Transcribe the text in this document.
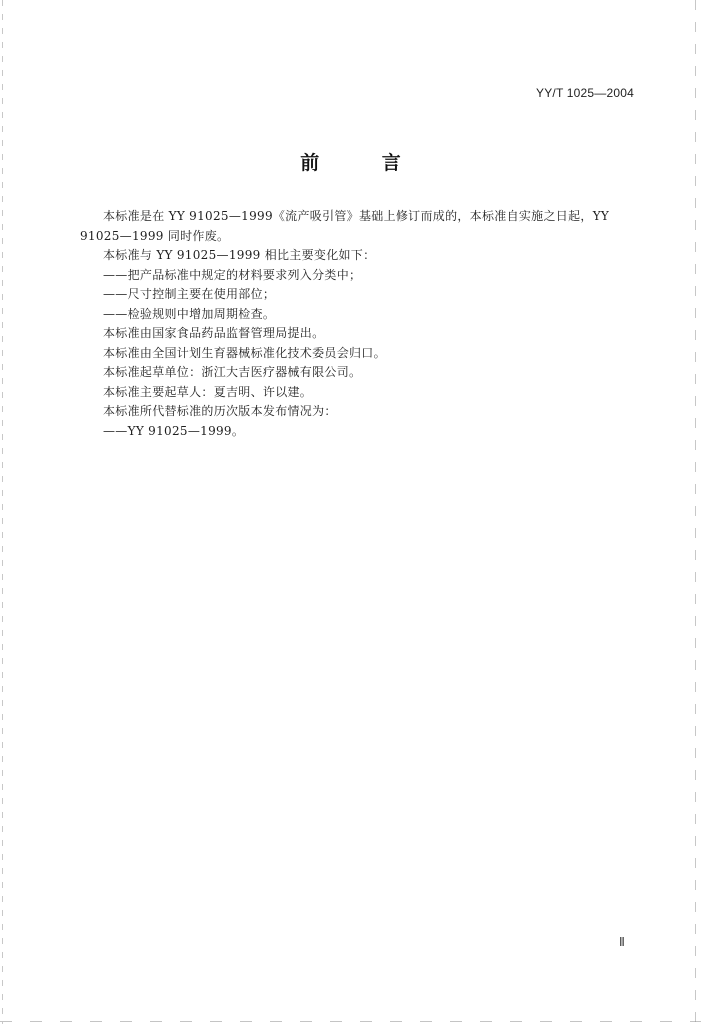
YY/T 1025—2004
前 言

本标准是在 YY 91025—1999《流产吸引管》基础上修订而成的，本标准自实施之日起，YY 91025—1999 同时作废。

本标准与 YY 91025—1999 相比主要变化如下：

——把产品标准中规定的材料要求列入分类中；

——尺寸控制主要在使用部位；

——检验规则中增加周期检查。

本标准由国家食品药品监督管理局提出。

本标准由全国计划生育器械标准化技术委员会归口。

本标准起草单位：浙江大吉医疗器械有限公司。

本标准主要起草人：夏吉明、许以建。

本标准所代替标准的历次版本发布情况为：

——YY 91025—1999。

Ⅱ
